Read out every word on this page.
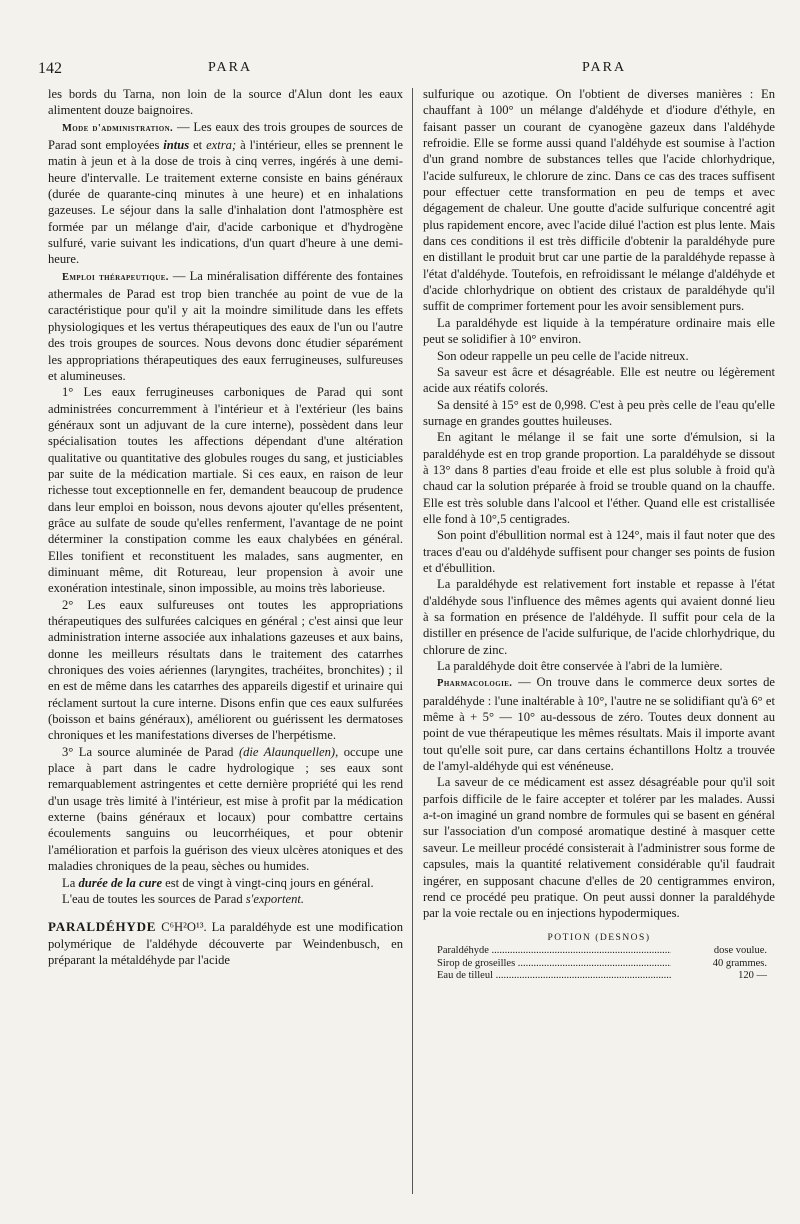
142	PARA	PARA

les bords du Tarna, non loin de la source d'Alun dont les eaux alimentent douze baignoires.

Mode d'administration. — Les eaux des trois groupes de sources de Parad sont employées intus et extra; à l'intérieur, elles se prennent le matin à jeun et à la dose de trois à cinq verres, ingérés à une demi-heure d'intervalle. Le traitement externe consiste en bains généraux (durée de quarante-cinq minutes à une heure) et en inhalations gazeuses. Le séjour dans la salle d'inhalation dont l'atmosphère est formée par un mélange d'air, d'acide carbonique et d'hydrogène sulfuré, varie suivant les indications, d'un quart d'heure à une demi-heure.

Emploi thérapeutique. — La minéralisation différente des fontaines athermales de Parad est trop bien tranchée au point de vue de la caractéristique pour qu'il y ait la moindre similitude dans les effets physiologiques et les vertus thérapeutiques des eaux de l'un ou l'autre des trois groupes de sources. Nous devons donc étudier séparément les appropriations thérapeutiques des eaux ferrugineuses, sulfureuses et alumineuses.

1° Les eaux ferrugineuses carboniques de Parad qui sont administrées concurremment à l'intérieur et à l'extérieur (les bains généraux sont un adjuvant de la cure interne), possèdent dans leur spécialisation toutes les affections dépendant d'une altération qualitative ou quantitative des globules rouges du sang, et justiciables par suite de la médication martiale. Si ces eaux, en raison de leur richesse tout exceptionnelle en fer, demandent beaucoup de prudence dans leur emploi en boisson, nous devons ajouter qu'elles présentent, grâce au sulfate de soude qu'elles renferment, l'avantage de ne point déterminer la constipation comme les eaux chalybées en général. Elles tonifient et reconstituent les malades, sans augmenter, en diminuant même, dit Rotureau, leur propension à avoir une exonération intestinale, sinon impossible, au moins très laborieuse.

2° Les eaux sulfureuses ont toutes les appropriations thérapeutiques des sulfurées calciques en général ; c'est ainsi que leur administration interne associée aux inhalations gazeuses et aux bains, donne les meilleurs résultats dans le traitement des catarrhes chroniques des voies aériennes (laryngites, trachéites, bronchites) ; il en est de même dans les catarrhes des appareils digestif et urinaire qui réclament surtout la cure interne. Disons enfin que ces eaux sulfurées (boisson et bains généraux), améliorent ou guérissent les dermatoses chroniques et les manifestations diverses de l'herpétisme.

3° La source aluminée de Parad (die Alaunquellen), occupe une place à part dans le cadre hydrologique ; ses eaux sont remarquablement astringentes et cette dernière propriété qui les rend d'un usage très limité à l'intérieur, est mise à profit par la médication externe (bains généraux et locaux) pour combattre certains écoulements sanguins ou leucorrhéiques, et pour obtenir l'amélioration et parfois la guérison des vieux ulcères atoniques et des maladies chroniques de la peau, sèches ou humides.

La durée de la cure est de vingt à vingt-cinq jours en général.

L'eau de toutes les sources de Parad s'exportent.

PARALDÉHYDE C⁶H²O¹³. La paraldéhyde est une modification polymérique de l'aldéhyde découverte par Weindenbusch, en préparant la métaldéhyde par l'acide

sulfurique ou azotique. On l'obtient de diverses manières : En chauffant à 100° un mélange d'aldéhyde et d'iodure d'éthyle, en faisant passer un courant de cyanogène gazeux dans l'aldéhyde refroidie. Elle se forme aussi quand l'aldéhyde est soumise à l'action d'un grand nombre de substances telles que l'acide chlorhydrique, l'acide sulfureux, le chlorure de zinc. Dans ce cas des traces suffisent pour effectuer cette transformation en peu de temps et avec dégagement de chaleur. Une goutte d'acide sulfurique concentré agit plus rapidement encore, avec l'acide dilué l'action est plus lente. Mais dans ces conditions il est très difficile d'obtenir la paraldéhyde pure en distillant le produit brut car une partie de la paraldéhyde repasse à l'état d'aldéhyde. Toutefois, en refroidissant le mélange d'aldéhyde et d'acide chlorhydrique on obtient des cristaux de paraldéhyde qu'il suffit de comprimer fortement pour les avoir sensiblement purs.

La paraldéhyde est liquide à la température ordinaire mais elle peut se solidifier à 10° environ.

Son odeur rappelle un peu celle de l'acide nitreux.

Sa saveur est âcre et désagréable. Elle est neutre ou légèrement acide aux réatifs colorés.

Sa densité à 15° est de 0,998. C'est à peu près celle de l'eau qu'elle surnage en grandes gouttes huileuses.

En agitant le mélange il se fait une sorte d'émulsion, si la paraldéhyde est en trop grande proportion. La paraldéhyde se dissout à 13° dans 8 parties d'eau froide et elle est plus soluble à froid qu'à chaud car la solution préparée à froid se trouble quand on la chauffe. Elle est très soluble dans l'alcool et l'éther. Quand elle est cristallisée elle fond à 10°,5 centigrades.

Son point d'ébullition normal est à 124°, mais il faut noter que des traces d'eau ou d'aldéhyde suffisent pour changer ses points de fusion et d'ébullition.

La paraldéhyde est relativement fort instable et repasse à l'état d'aldéhyde sous l'influence des mêmes agents qui avaient donné lieu à sa formation en présence de l'aldéhyde. Il suffit pour cela de la distiller en présence de l'acide sulfurique, de l'acide chlorhydrique, du chlorure de zinc.

La paraldéhyde doit être conservée à l'abri de la lumière.

Pharmacologie. — On trouve dans le commerce deux sortes de paraldéhyde : l'une inaltérable à 10°, l'autre ne se solidifiant qu'à 6° et même à + 5° — 10° au-dessous de zéro. Toutes deux donnent au point de vue thérapeutique les mêmes résultats. Mais il importe avant tout qu'elle soit pure, car dans certains échantillons Holtz a trouvée de l'amyl-aldéhyde qui est vénéneuse.

La saveur de ce médicament est assez désagréable pour qu'il soit parfois difficile de le faire accepter et tolérer par les malades. Aussi a-t-on imaginé un grand nombre de formules qui se basent en général sur l'association d'un composé aromatique destiné à masquer cette saveur. Le meilleur procédé consisterait à l'administrer sous forme de capsules, mais la quantité relativement considérable qu'il faudrait ingérer, en supposant chacune d'elles de 20 centigrammes environ, rend ce procédé peu pratique. On peut aussi donner la paraldéhyde par la voie rectale ou en injections hypodermiques.

POTION (DESNOS)
Paraldéhyde .....	dose voulue.
Sirop de groseilles .....	40 grammes.
Eau de tilleul .....	120 —
